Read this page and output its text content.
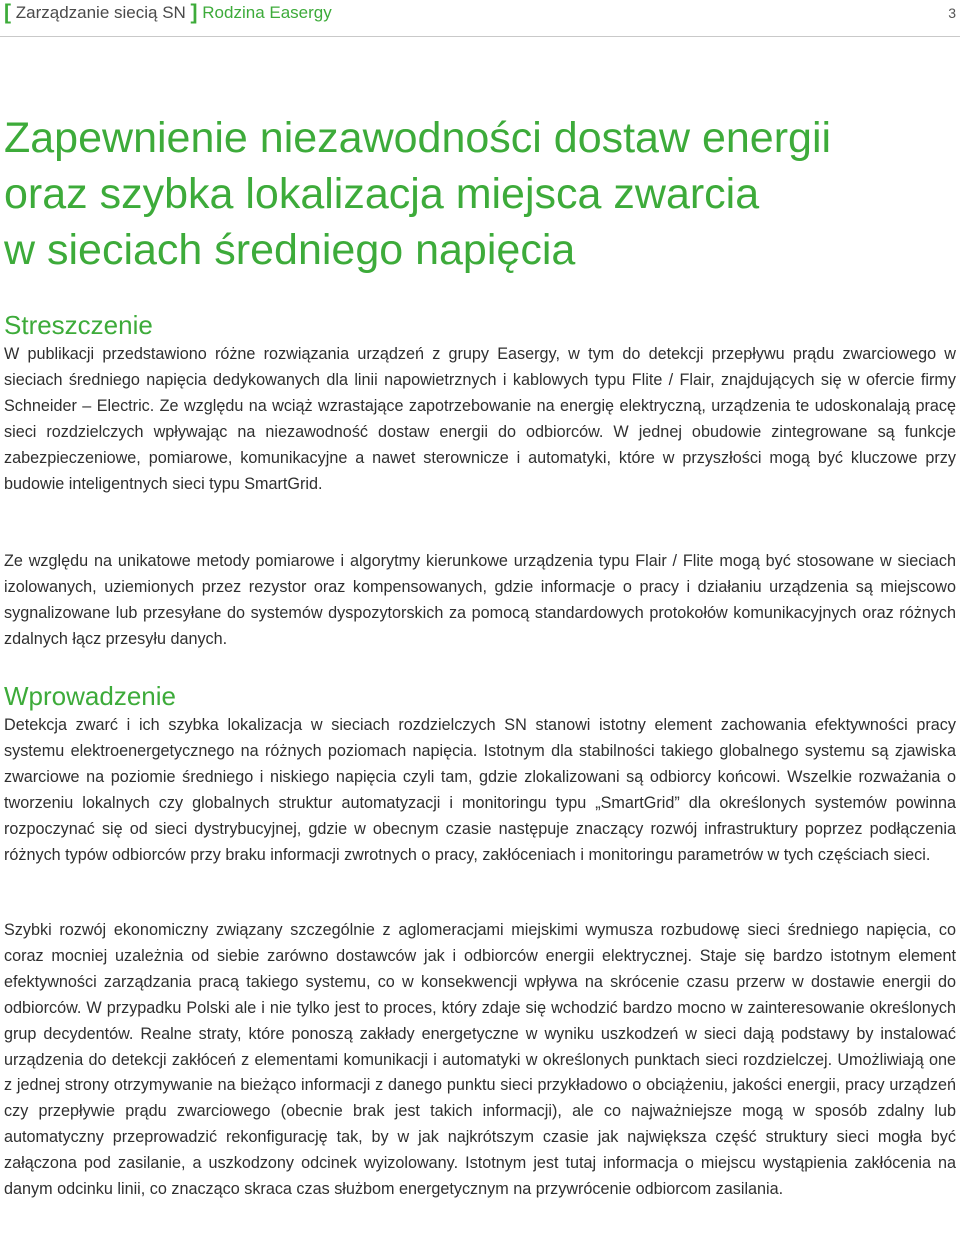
[ Zarządzanie siecią SN ] Rodzina Easergy	3
Zapewnienie niezawodności dostaw energii
oraz szybka lokalizacja miejsca zwarcia
w sieciach średniego napięcia
Streszczenie

W publikacji przedstawiono różne rozwiązania urządzeń z grupy Easergy, w tym do detekcji przepływu prądu zwarciowego w sieciach średniego napięcia dedykowanych dla linii napowietrznych i kablowych typu Flite / Flair, znajdujących się w ofercie firmy Schneider – Electric. Ze względu na wciąż wzrastające zapotrzebowanie na energię elektryczną, urządzenia te udoskonalają pracę sieci rozdzielczych wpływając na niezawodność dostaw energii do odbiorców. W jednej obudowie zintegrowane są funkcje zabezpieczeniowe, pomiarowe, komunikacyjne a nawet sterownicze i automatyki, które w przyszłości mogą być kluczowe przy budowie inteligentnych sieci typu SmartGrid.

Ze względu na unikatowe metody pomiarowe i algorytmy kierunkowe urządzenia typu Flair / Flite mogą być stosowane w sieciach izolowanych, uziemionych przez rezystor oraz kompensowanych, gdzie informacje o pracy i działaniu urządzenia są miejscowo sygnalizowane lub przesyłane do systemów dyspozytorskich za pomocą standardowych protokołów komunikacyjnych oraz różnych zdalnych łącz przesyłu danych.

Wprowadzenie

Detekcja zwarć i ich szybka lokalizacja w sieciach rozdzielczych SN stanowi istotny element zachowania efektywności pracy systemu elektroenergetycznego na różnych poziomach napięcia. Istotnym dla stabilności takiego globalnego systemu są zjawiska zwarciowe na poziomie średniego i niskiego napięcia czyli tam, gdzie zlokalizowani są odbiorcy końcowi. Wszelkie rozważania o tworzeniu lokalnych czy globalnych struktur automatyzacji i monitoringu typu „SmartGrid” dla określonych systemów powinna rozpoczynać się od sieci dystrybucyjnej, gdzie w obecnym czasie następuje znaczący rozwój infrastruktury poprzez podłączenia różnych typów odbiorców przy braku informacji zwrotnych o pracy, zakłóceniach i monitoringu parametrów w tych częściach sieci.

Szybki rozwój ekonomiczny związany szczególnie z aglomeracjami miejskimi wymusza rozbudowę sieci średniego napięcia, co coraz mocniej uzależnia od siebie zarówno dostawców jak i odbiorców energii elektrycznej. Staje się bardzo istotnym element efektywności zarządzania pracą takiego systemu, co w konsekwencji wpływa na skrócenie czasu przerw w dostawie energii do odbiorców. W przypadku Polski ale i nie tylko jest to proces, który zdaje się wchodzić bardzo mocno w zainteresowanie określonych grup decydentów. Realne straty, które ponoszą zakłady energetyczne w wyniku uszkodzeń w sieci dają podstawy by instalować urządzenia do detekcji zakłóceń z elementami komunikacji i automatyki w określonych punktach sieci rozdzielczej. Umożliwiają one z jednej strony otrzymywanie na bieżąco informacji z danego punktu sieci przykładowo o obciążeniu, jakości energii, pracy urządzeń czy przepływie prądu zwarciowego (obecnie brak jest takich informacji), ale co najważniejsze mogą w sposób zdalny lub automatyczny przeprowadzić rekonfigurację tak, by w jak najkrótszym czasie jak największa część struktury sieci mogła być załączona pod zasilanie, a uszkodzony odcinek wyizolowany. Istotnym jest tutaj informacja o miejscu wystąpienia zakłócenia na danym odcinku linii, co znacząco skraca czas służbom energetycznym na przywrócenie odbiorcom zasilania.
